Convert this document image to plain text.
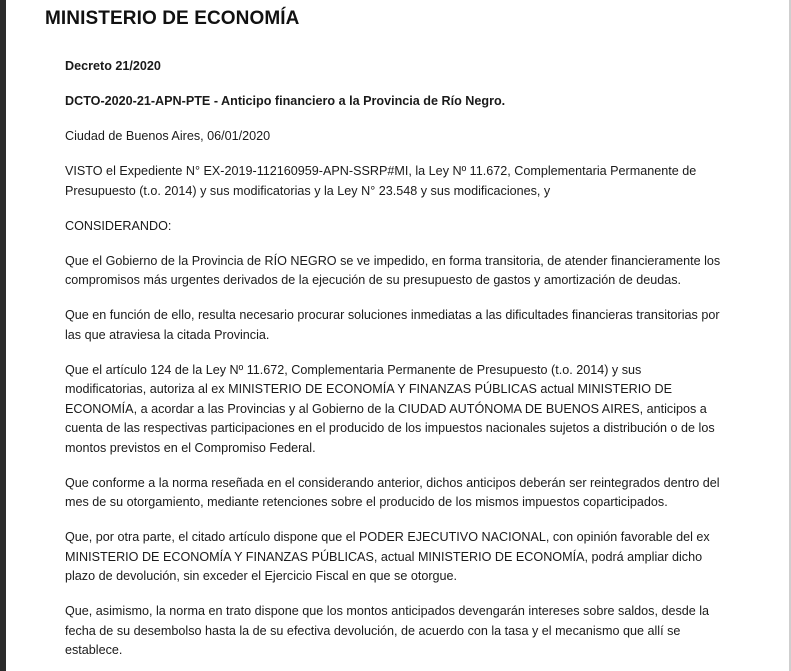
MINISTERIO DE ECONOMÍA

Decreto 21/2020

DCTO-2020-21-APN-PTE - Anticipo financiero a la Provincia de Río Negro.

Ciudad de Buenos Aires, 06/01/2020

VISTO el Expediente N° EX-2019-112160959-APN-SSRP#MI, la Ley Nº 11.672, Complementaria Permanente de Presupuesto (t.o. 2014) y sus modificatorias y la Ley N° 23.548 y sus modificaciones, y

CONSIDERANDO:

Que el Gobierno de la Provincia de RÍO NEGRO se ve impedido, en forma transitoria, de atender financieramente los compromisos más urgentes derivados de la ejecución de su presupuesto de gastos y amortización de deudas.

Que en función de ello, resulta necesario procurar soluciones inmediatas a las dificultades financieras transitorias por las que atraviesa la citada Provincia.

Que el artículo 124 de la Ley Nº 11.672, Complementaria Permanente de Presupuesto (t.o. 2014) y sus modificatorias, autoriza al ex MINISTERIO DE ECONOMÍA Y FINANZAS PÚBLICAS actual MINISTERIO DE ECONOMÍA, a acordar a las Provincias y al Gobierno de la CIUDAD AUTÓNOMA DE BUENOS AIRES, anticipos a cuenta de las respectivas participaciones en el producido de los impuestos nacionales sujetos a distribución o de los montos previstos en el Compromiso Federal.

Que conforme a la norma reseñada en el considerando anterior, dichos anticipos deberán ser reintegrados dentro del mes de su otorgamiento, mediante retenciones sobre el producido de los mismos impuestos coparticipados.

Que, por otra parte, el citado artículo dispone que el PODER EJECUTIVO NACIONAL, con opinión favorable del ex MINISTERIO DE ECONOMÍA Y FINANZAS PÚBLICAS, actual MINISTERIO DE ECONOMÍA, podrá ampliar dicho plazo de devolución, sin exceder el Ejercicio Fiscal en que se otorgue.

Que, asimismo, la norma en trato dispone que los montos anticipados devengarán intereses sobre saldos, desde la fecha de su desembolso hasta la de su efectiva devolución, de acuerdo con la tasa y el mecanismo que allí se establece.
